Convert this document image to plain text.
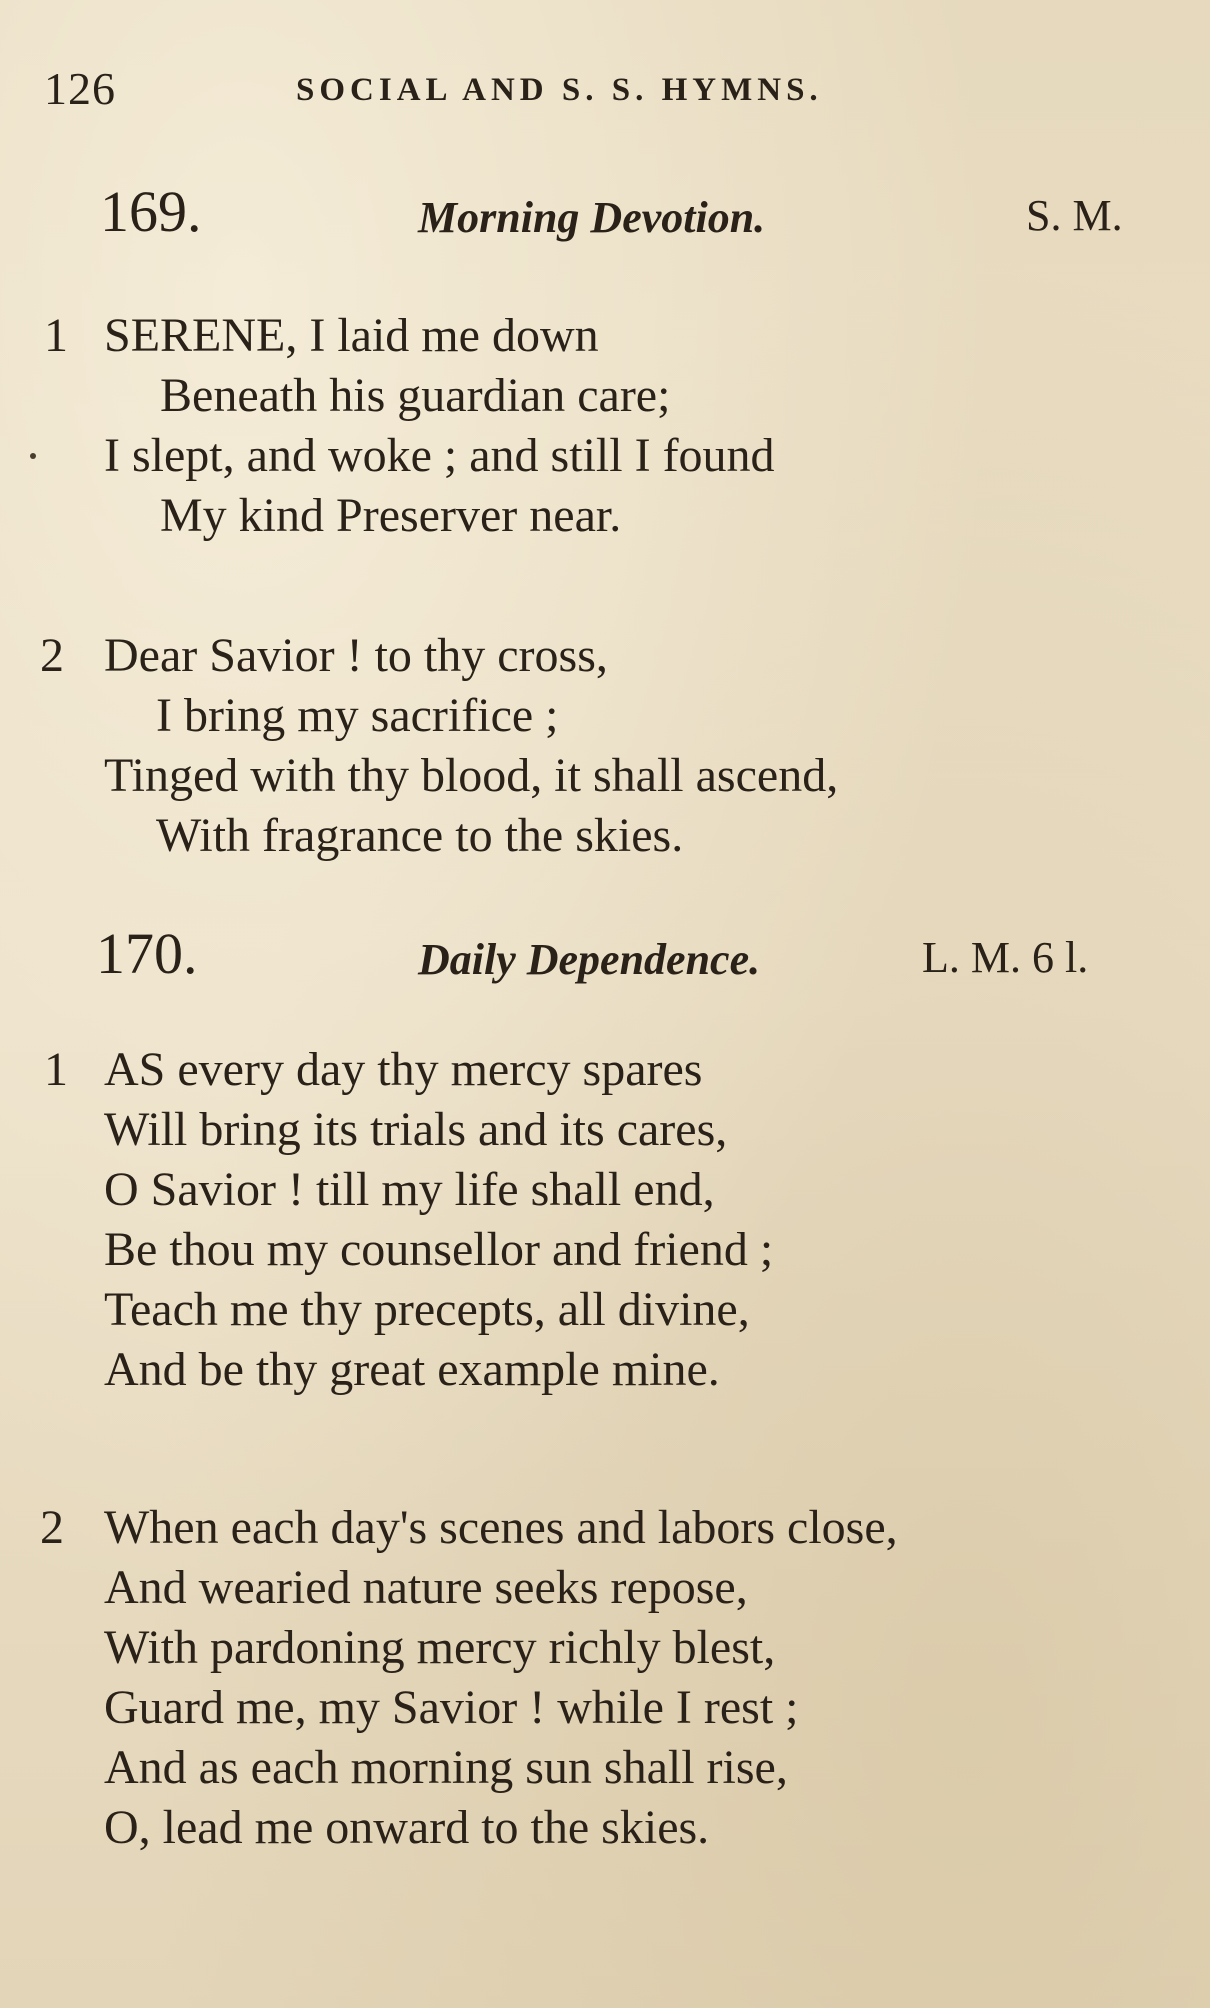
126	SOCIAL AND S. S. HYMNS.
169.	Morning Devotion.	S. M.
1 SERENE, I laid me down
Beneath his guardian care;
I slept, and woke ; and still I found
My kind Preserver near.
2 Dear Savior ! to thy cross,
I bring my sacrifice ;
Tinged with thy blood, it shall ascend,
With fragrance to the skies.
170.	Daily Dependence.	L. M. 6 l.
1 AS every day thy mercy spares
Will bring its trials and its cares,
O Savior ! till my life shall end,
Be thou my counsellor and friend ;
Teach me thy precepts, all divine,
And be thy great example mine.
2 When each day's scenes and labors close,
And wearied nature seeks repose,
With pardoning mercy richly blest,
Guard me, my Savior ! while I rest ;
And as each morning sun shall rise,
O, lead me onward to the skies.
